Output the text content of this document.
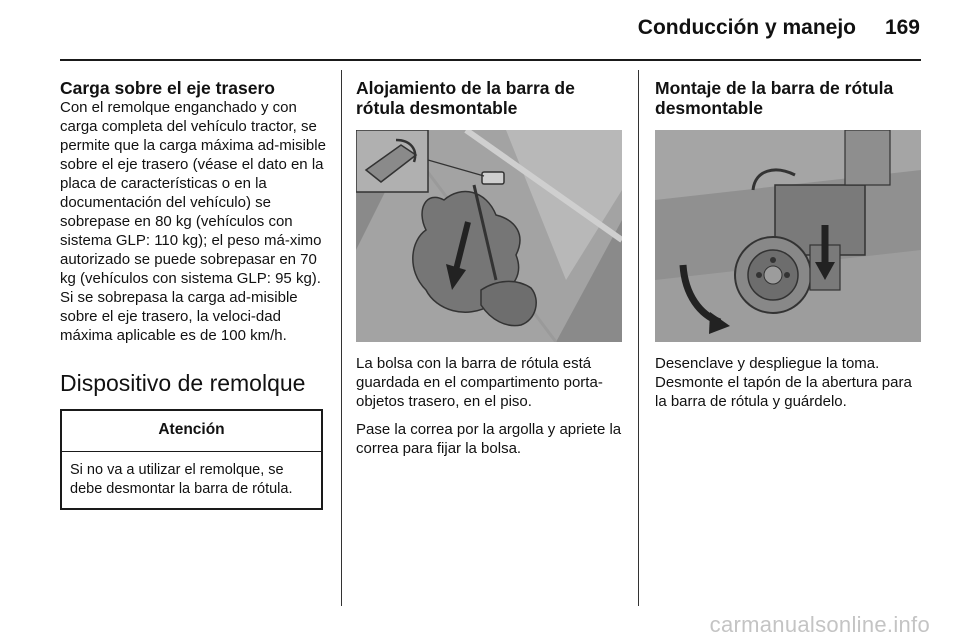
Conducción y manejo	169
Carga sobre el eje trasero

Con el remolque enganchado y con carga completa del vehículo tractor, se permite que la carga máxima ad-misible sobre el eje trasero (véase el dato en la placa de características o en la documentación del vehículo) se sobrepase en 80 kg (vehículos con sistema GLP: 110 kg); el peso má-ximo autorizado se puede sobrepasar en 70 kg (vehículos con sistema GLP: 95 kg). Si se sobrepasa la carga ad-misible sobre el eje trasero, la veloci-dad máxima aplicable es de 100 km/h.

Dispositivo de remolque
Atención
Si no va a utilizar el remolque, se debe desmontar la barra de rótula.
Alojamiento de la barra de rótula desmontable

La bolsa con la barra de rótula está guardada en el compartimento porta-objetos trasero, en el piso.

Pase la correa por la argolla y apriete la correa para fijar la bolsa.

Montaje de la barra de rótula desmontable

Desenclave y despliegue la toma. Desmonte el tapón de la abertura para la barra de rótula y guárdelo.

carmanualsonline.info
